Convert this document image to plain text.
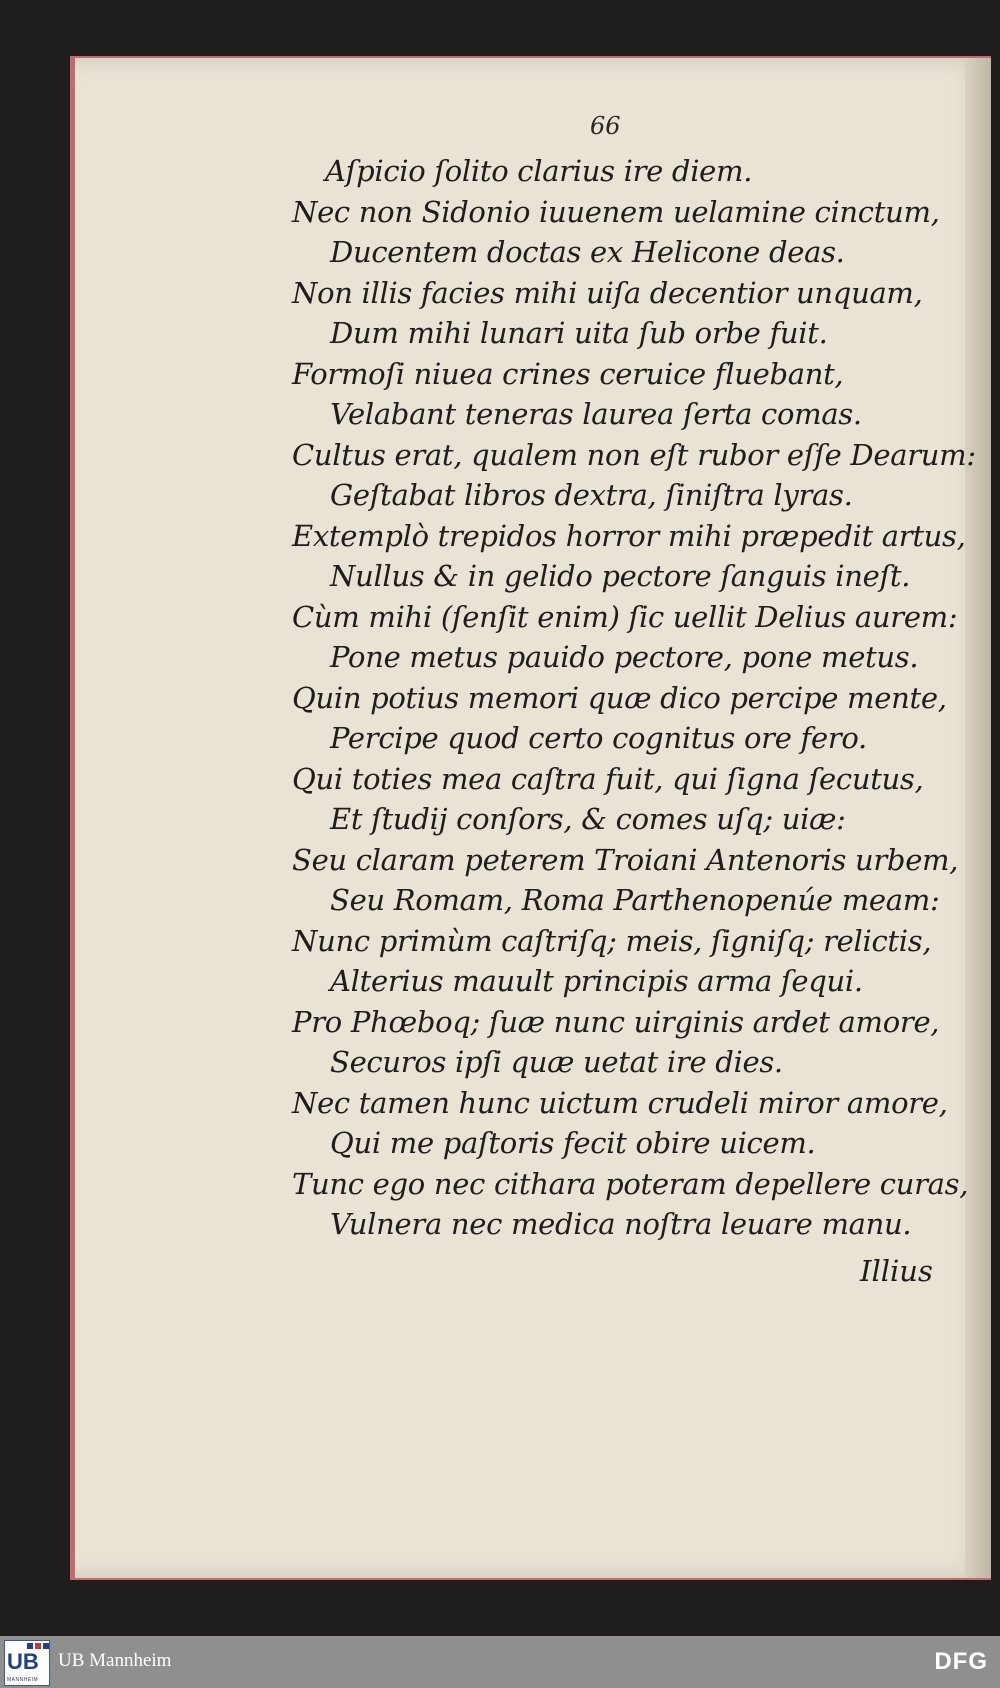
66
Aſpicio ſolito clarius ire diem.
Nec non Sidonio iuuenem uelamine cinctum,
Ducentem doctas ex Helicone deas.
Non illis facies mihi uiſa decentior unquam,
Dum mihi lunari uita ſub orbe fuit.
Formoſi niuea crines ceruice fluebant,
Velabant teneras laurea ſerta comas.
Cultus erat, qualem non eſt rubor eſſe Dearum:
Geſtabat libros dextra, ſiniſtra lyras.
Extemplò trepidos horror mihi præpedit artus,
Nullus & in gelido pectore ſanguis ineſt.
Cùm mihi (ſenſit enim) ſic uellit Delius aurem:
Pone metus pauido pectore, pone metus.
Quin potius memori quæ dico percipe mente,
Percipe quod certo cognitus ore fero.
Qui toties mea caſtra fuit, qui ſigna ſecutus,
Et ſtudij conſors, & comes uſq; uiæ:
Seu claram peterem Troiani Antenoris urbem,
Seu Romam, Roma Parthenopenúe meam:
Nunc primùm caſtriſq; meis, ſigniſq; relictis,
Alterius mauult principis arma ſequi.
Pro Phœboq; ſuæ nunc uirginis ardet amore,
Securos ipſi quæ uetat ire dies.
Nec tamen hunc uictum crudeli miror amore,
Qui me paſtoris fecit obire uicem.
Tunc ego nec cithara poteram depellere curas,
Vulnera nec medica noſtra leuare manu.
Illius
UB
MANNHEIM
UB Mannheim	DFG
